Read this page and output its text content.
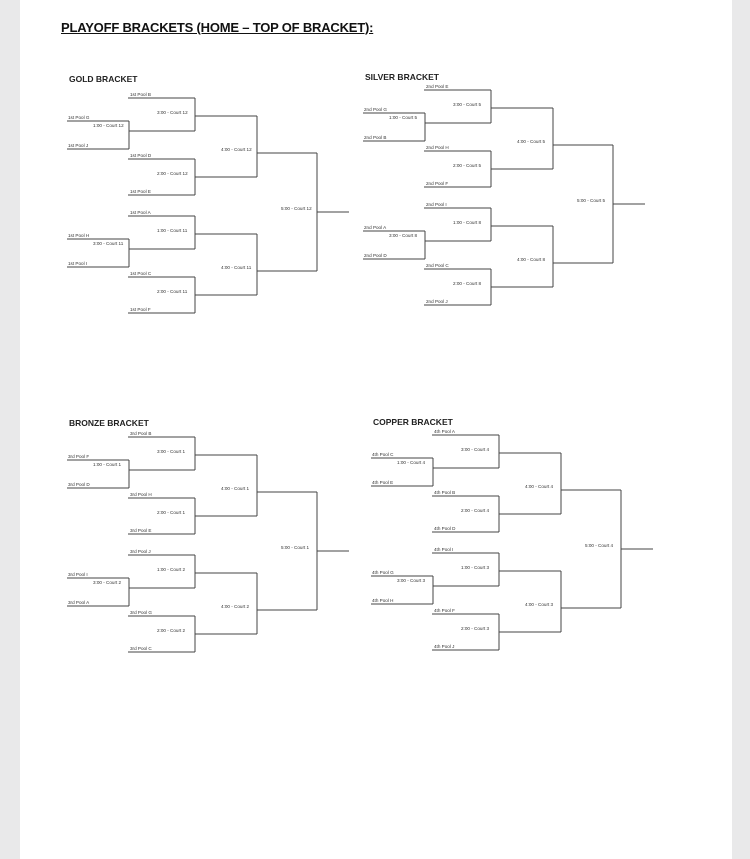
PLAYOFF BRACKETS (HOME – TOP OF BRACKET):
GOLD BRACKET
1st Pool B
1st Pool G
1st Pool J
1st Pool D
1st Pool E
1:00 - Court 12
3:00 - Court 12
2:00 - Court 12
4:00 - Court 12
1st Pool A
1st Pool H
1st Pool I
1st Pool C
1st Pool F
3:00 - Court 11
1:00 - Court 11
2:00 - Court 11
4:00 - Court 11
5:00 - Court 12
SILVER BRACKET
2nd Pool E
2nd Pool G
2nd Pool B
2nd Pool H
2nd Pool F
1:00 - Court 5
3:00 - Court 5
2:00 - Court 5
4:00 - Court 5
2nd Pool I
2nd Pool A
2nd Pool D
2nd Pool C
2nd Pool J
3:00 - Court 8
1:00 - Court 8
2:00 - Court 8
4:00 - Court 8
5:00 - Court 5
BRONZE BRACKET
3rd Pool B
3rd Pool F
3rd Pool D
3rd Pool H
3rd Pool E
1:00 - Court 1
3:00 - Court 1
2:00 - Court 1
4:00 - Court 1
3rd Pool J
3rd Pool I
3rd Pool A
3rd Pool G
3rd Pool C
3:00 - Court 2
1:00 - Court 2
2:00 - Court 2
4:00 - Court 2
5:00 - Court 1
COPPER BRACKET
4th Pool A
4th Pool C
4th Pool E
4th Pool B
4th Pool D
1:00 - Court 4
3:00 - Court 4
2:00 - Court 4
4:00 - Court 4
4th Pool I
4th Pool G
4th Pool H
4th Pool F
4th Pool J
3:00 - Court 3
1:00 - Court 3
2:00 - Court 3
4:00 - Court 3
5:00 - Court 4
